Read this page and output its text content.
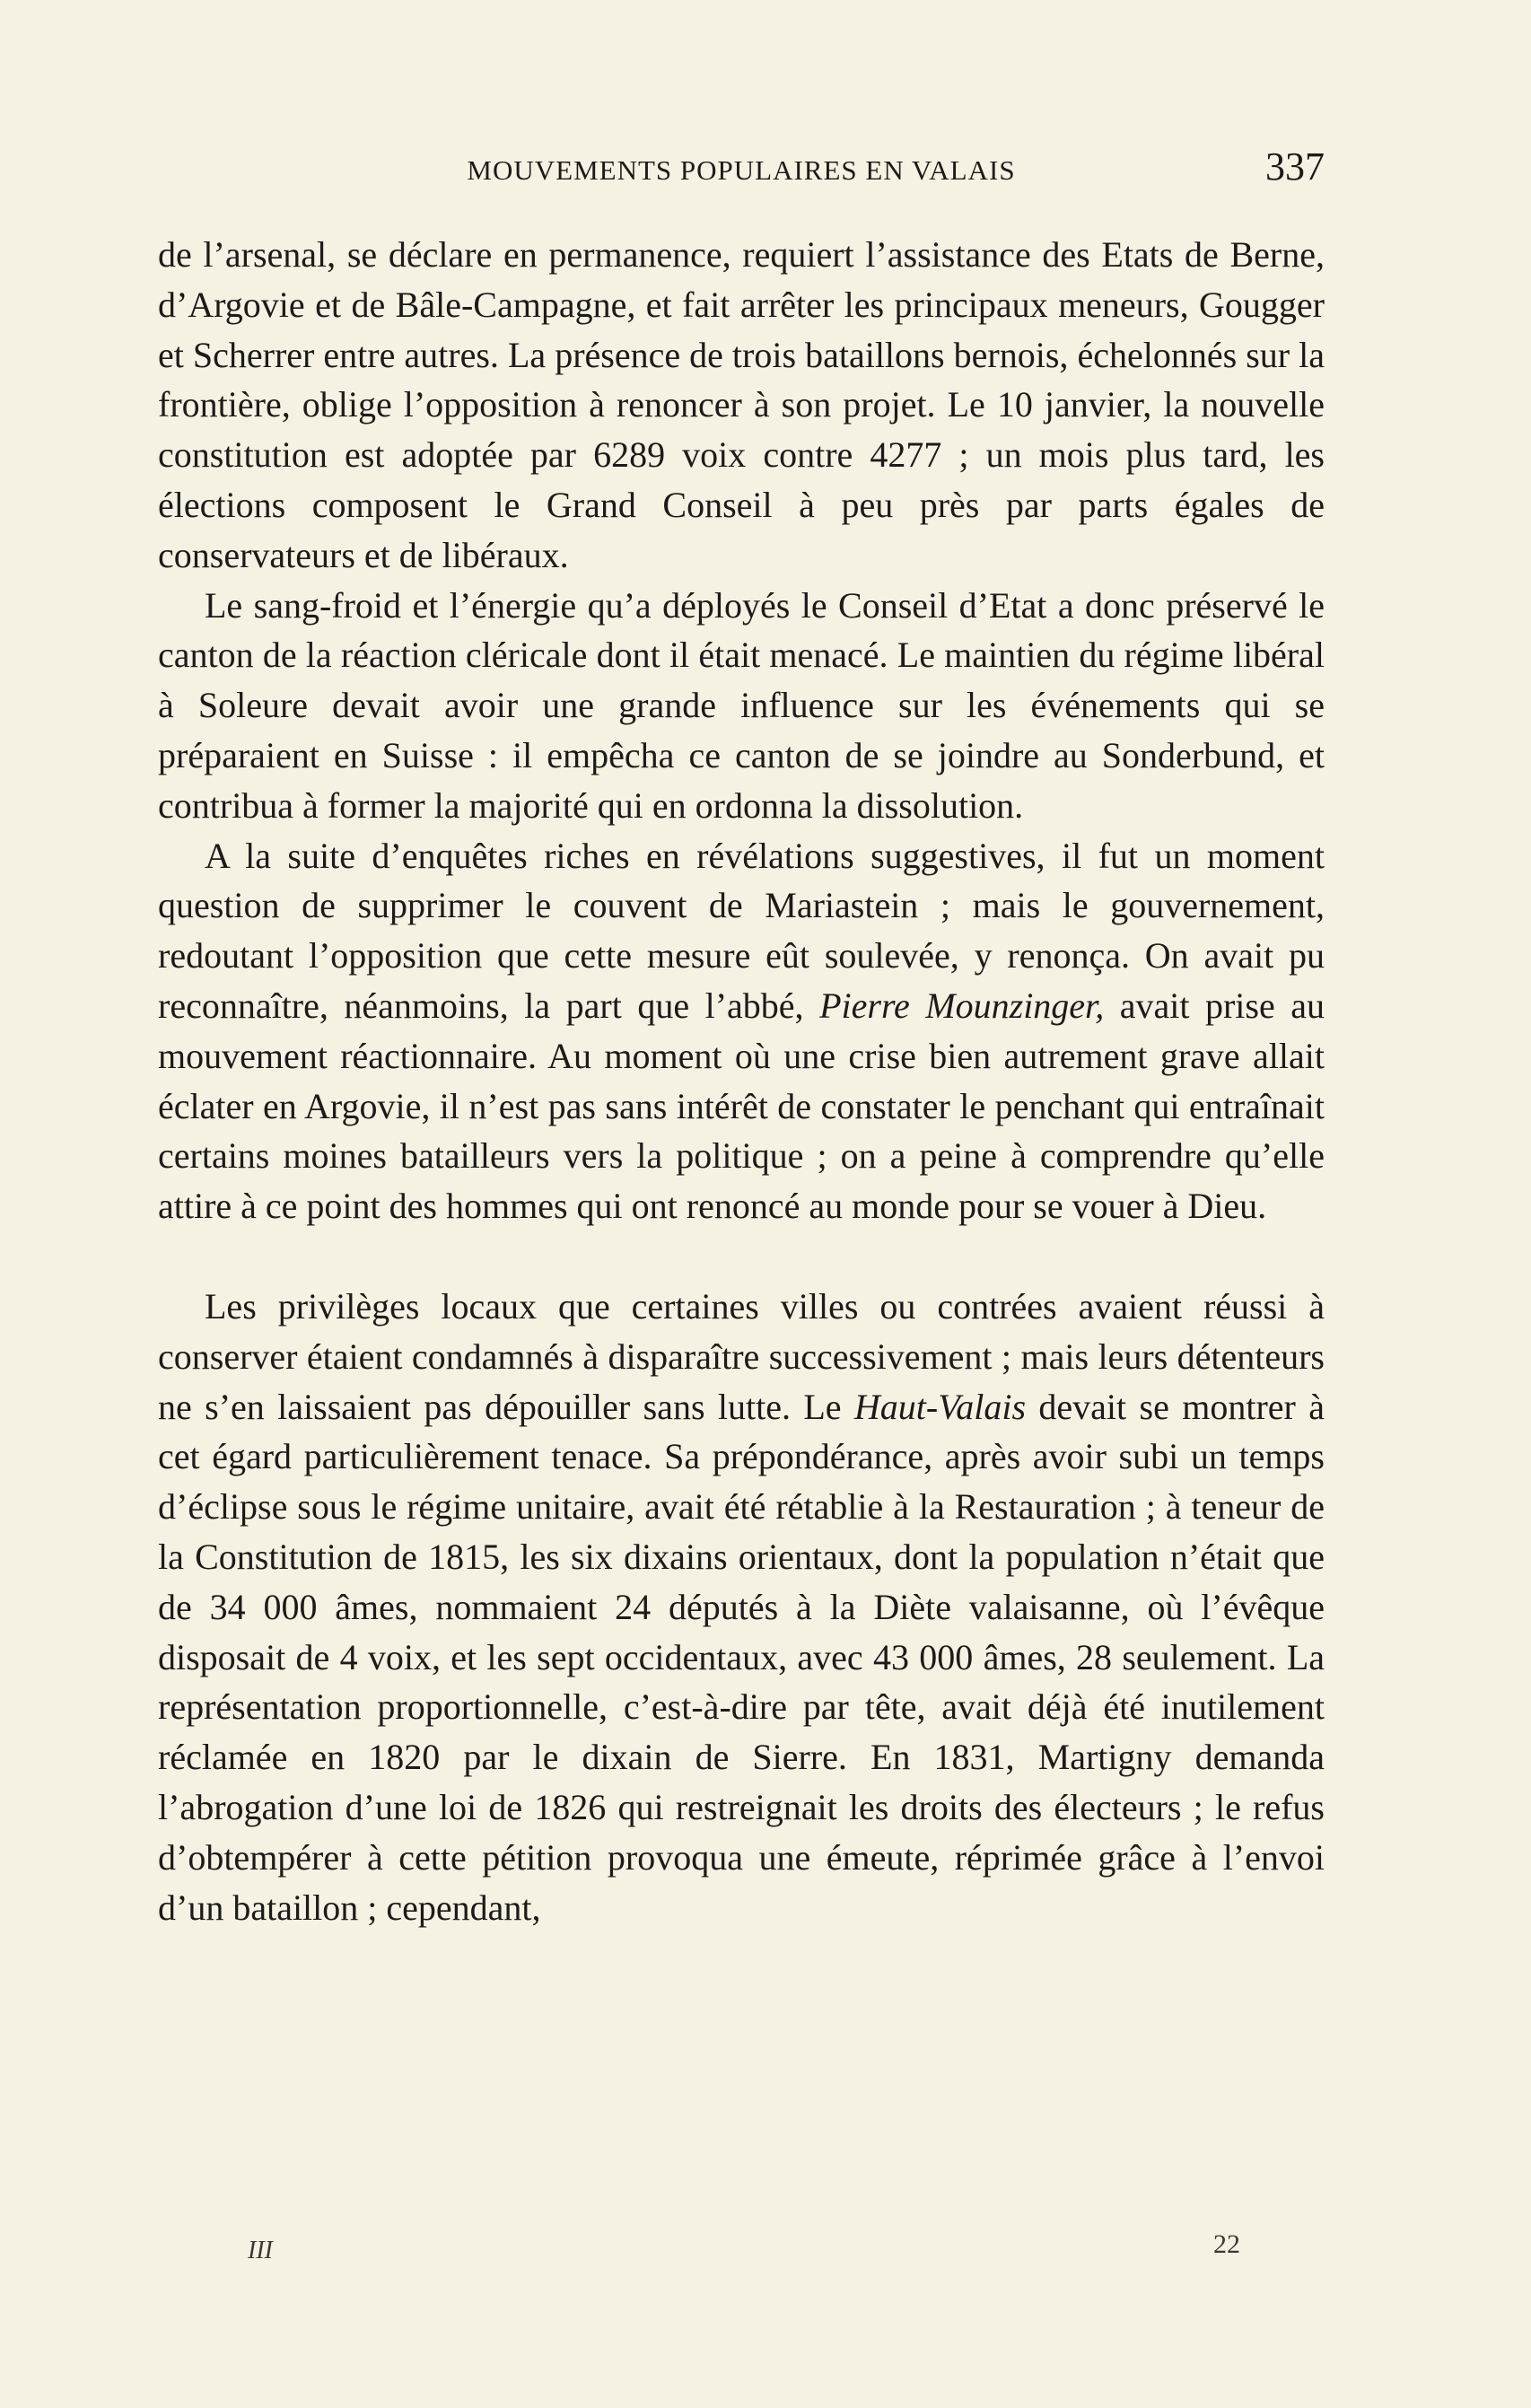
MOUVEMENTS POPULAIRES EN VALAIS	337

de l’arsenal, se déclare en permanence, requiert l’assistance des Etats de Berne, d’Argovie et de Bâle-Campagne, et fait arrêter les principaux meneurs, Gougger et Scherrer entre autres. La présence de trois bataillons bernois, échelonnés sur la frontière, oblige l’opposition à renoncer à son projet. Le 10 janvier, la nouvelle constitution est adoptée par 6289 voix contre 4277 ; un mois plus tard, les élections composent le Grand Conseil à peu près par parts égales de conservateurs et de libéraux.

Le sang-froid et l’énergie qu’a déployés le Conseil d’Etat a donc préservé le canton de la réaction cléricale dont il était menacé. Le maintien du régime libéral à Soleure devait avoir une grande influence sur les événements qui se préparaient en Suisse : il empêcha ce canton de se joindre au Sonderbund, et contribua à former la majorité qui en ordonna la dissolution.

A la suite d’enquêtes riches en révélations suggestives, il fut un moment question de supprimer le couvent de Mariastein ; mais le gouvernement, redoutant l’opposition que cette mesure eût soulevée, y renonça. On avait pu reconnaître, néanmoins, la part que l’abbé, Pierre Mounzinger, avait prise au mouvement réactionnaire. Au moment où une crise bien autrement grave allait éclater en Argovie, il n’est pas sans intérêt de constater le penchant qui entraînait certains moines batailleurs vers la politique ; on a peine à comprendre qu’elle attire à ce point des hommes qui ont renoncé au monde pour se vouer à Dieu.

Les privilèges locaux que certaines villes ou contrées avaient réussi à conserver étaient condamnés à disparaître successivement ; mais leurs détenteurs ne s’en laissaient pas dépouiller sans lutte. Le Haut-Valais devait se montrer à cet égard particulièrement tenace. Sa prépondérance, après avoir subi un temps d’éclipse sous le régime unitaire, avait été rétablie à la Restauration ; à teneur de la Constitution de 1815, les six dixains orientaux, dont la population n’était que de 34 000 âmes, nommaient 24 députés à la Diète valaisanne, où l’évêque disposait de 4 voix, et les sept occidentaux, avec 43 000 âmes, 28 seulement. La représentation proportionnelle, c’est-à-dire par tête, avait déjà été inutilement réclamée en 1820 par le dixain de Sierre. En 1831, Martigny demanda l’abrogation d’une loi de 1826 qui restreignait les droits des électeurs ; le refus d’obtempérer à cette pétition provoqua une émeute, réprimée grâce à l’envoi d’un bataillon ; cependant,

III	22
